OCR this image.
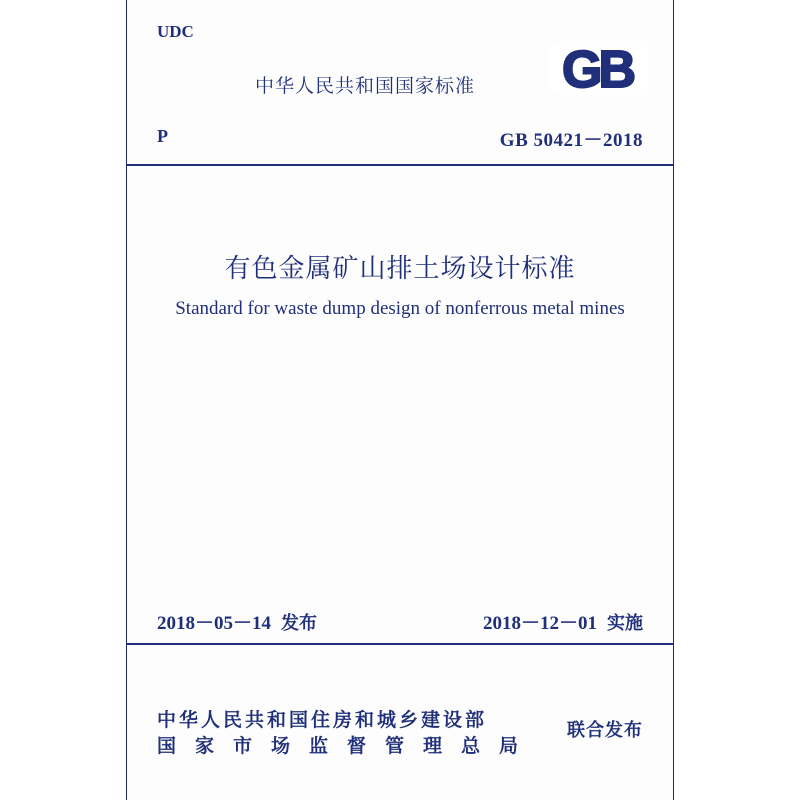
UDC
中华人民共和国国家标准 GB
P	GB 50421－2018
有色金属矿山排土场设计标准
Standard for waste dump design of nonferrous metal mines
2018－05－14 发布	2018－12－01 实施
中华人民共和国住房和城乡建设部
国家市场监督管理总局
联合发布
